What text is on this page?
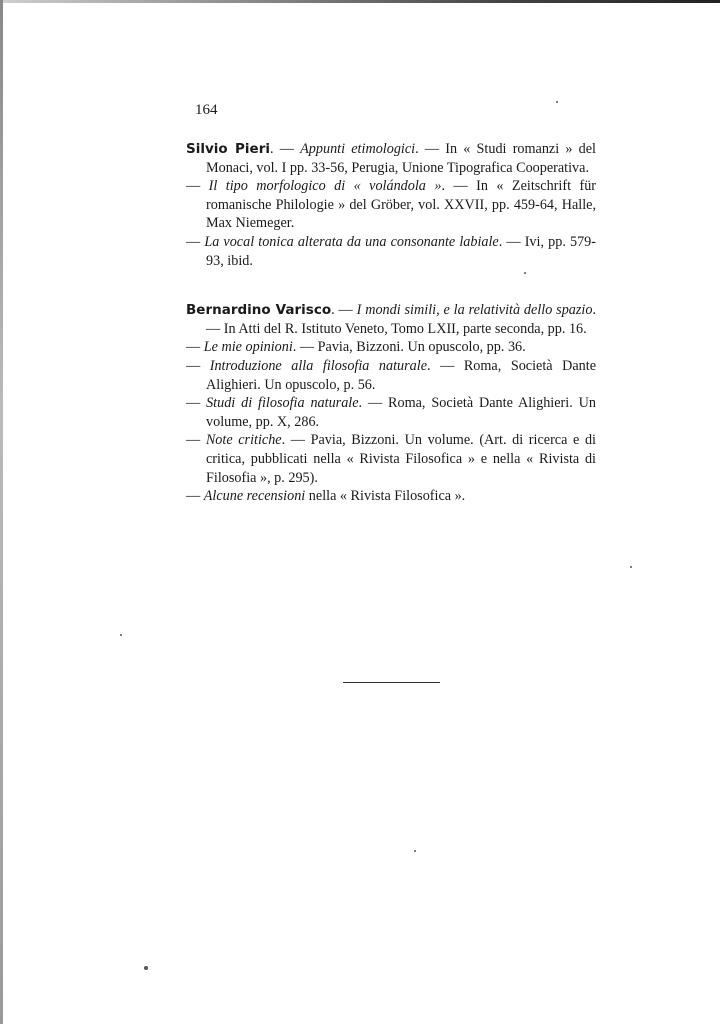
164
Silvio Pieri. — Appunti etimologici. — In « Studi romanzi » del Monaci, vol. I pp. 33-56, Perugia, Unione Tipografica Cooperativa.
— Il tipo morfologico di « volándola ». — In « Zeitschrift für romanische Philologie » del Gröber, vol. XXVII, pp. 459-64, Halle, Max Niemeger.
— La vocal tonica alterata da una consonante labiale. — Ivi, pp. 579-93, ibid.
Bernardino Varisco. — I mondi simili, e la relatività dello spazio. — In Atti del R. Istituto Veneto, Tomo LXII, parte seconda, pp. 16.
— Le mie opinioni. — Pavia, Bizzoni. Un opuscolo, pp. 36.
— Introduzione alla filosofia naturale. — Roma, Società Dante Alighieri. Un opuscolo, p. 56.
— Studi di filosofia naturale. — Roma, Società Dante Alighieri. Un volume, pp. X, 286.
— Note critiche. — Pavia, Bizzoni. Un volume. (Art. di ricerca e di critica, pubblicati nella « Rivista Filosofica » e nella « Rivista di Filosofia », p. 295).
— Alcune recensioni nella « Rivista Filosofica ».
